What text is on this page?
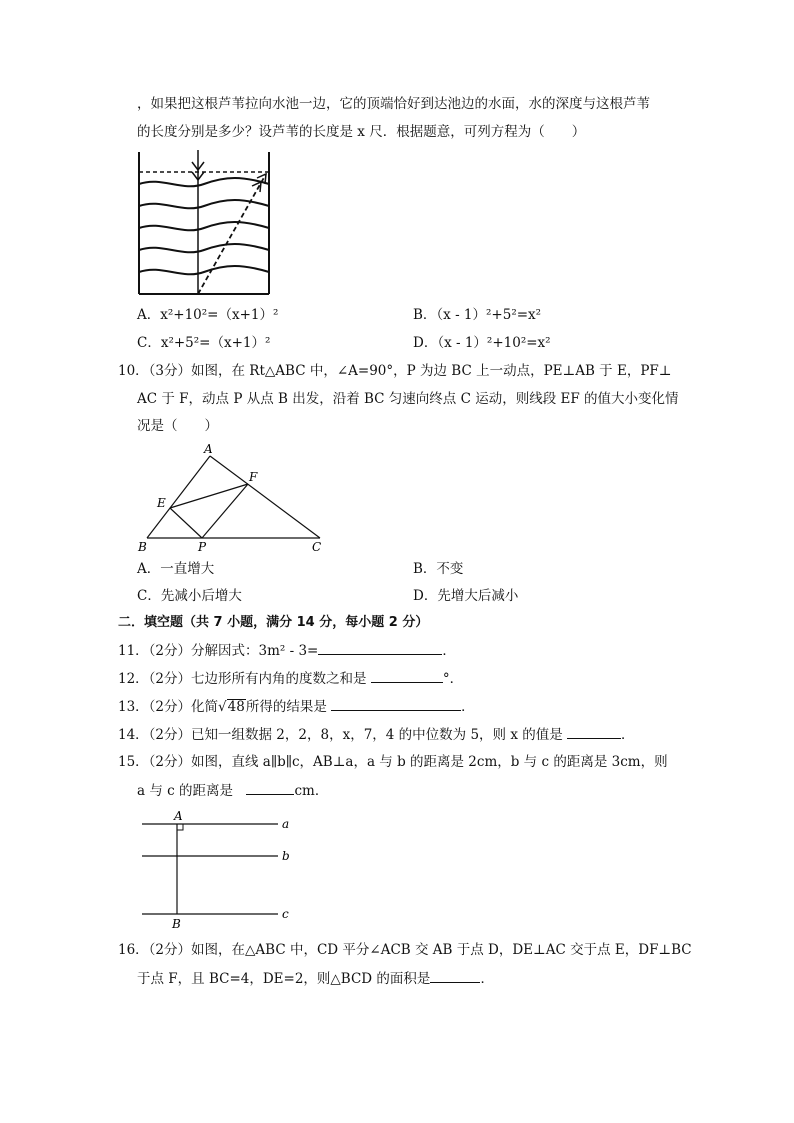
，如果把这根芦苇拉向水池一边，它的顶端恰好到达池边的水面，水的深度与这根芦苇
的长度分别是多少？设芦苇的长度是 x 尺．根据题意，可列方程为（　　）
A．x²+10²=（x+1）²	B．（x - 1）²+5²=x²
C．x²+5²=（x+1）²	D．（x - 1）²+10²=x²
10．（3分）如图，在 Rt△ABC 中，∠A=90°，P 为边 BC 上一动点，PE⊥AB 于 E，PF⊥
AC 于 F，动点 P 从点 B 出发，沿着 BC 匀速向终点 C 运动，则线段 EF 的值大小变化情
况是（　　）
A
B	C
E
F
P
A．一直增大	B．不变
C．先减小后增大	D．先增大后减小
二．填空题（共 7 小题，满分 14 分，每小题 2 分）
11．（2分）分解因式：3m² - 3=	．
12．（2分）七边形所有内角的度数之和是	°．
13．（2分）化简√48所得的结果是	．
14．（2分）已知一组数据 2，2，8，x，7，4 的中位数为 5，则 x 的值是	．
15．（2分）如图，直线 a∥b∥c，AB⊥a，a 与 b 的距离是 2cm，b 与 c 的距离是 3cm，则
a 与 c 的距离是　	cm．
A
B
a
b
c
16．（2分）如图，在△ABC 中，CD 平分∠ACB 交 AB 于点 D，DE⊥AC 交于点 E，DF⊥BC
于点 F，且 BC=4，DE=2，则△BCD 的面积是	．
